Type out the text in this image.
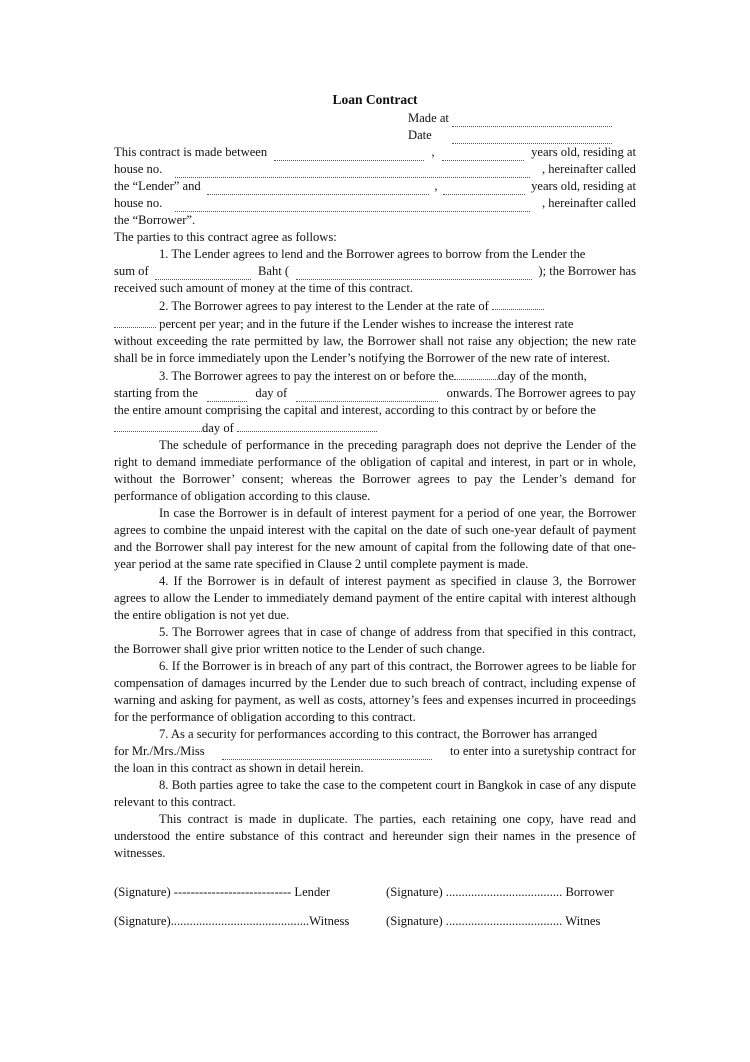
Loan Contract
Made at
Date
This contract is made between	,	years old, residing at
house no.	, hereinafter called
the “Lender” and	,	years old, residing at
house no.	, hereinafter called

the “Borrower”.

The parties to this contract agree as follows:

1. The Lender agrees to lend and the Borrower agrees to borrow from the Lender the

sum of	Baht (	); the Borrower has

received such amount of money at the time of this contract.

2. The Borrower agrees to pay interest to the Lender at the rate of

percent per year; and in the future if the Lender wishes to increase the interest rate

without exceeding the rate permitted by law, the Borrower shall not raise any objection; the new rate shall be in force immediately upon the Lender’s notifying the Borrower of the new rate of interest.

3. The Borrower agrees to pay the interest on or before the	day of the month,

starting from the	day of	onwards. The Borrower agrees to pay

the entire amount comprising the capital and interest, according to this contract by or before the

day of

The schedule of performance in the preceding paragraph does not deprive the Lender of the right to demand immediate performance of the obligation of capital and interest, in part or in whole, without the Borrower’ consent; whereas the Borrower agrees to pay the Lender’s demand for performance of obligation according to this clause.

In case the Borrower is in default of interest payment for a period of one year, the Borrower agrees to combine the unpaid interest with the capital on the date of such one-year default of payment and the Borrower shall pay interest for the new amount of capital from the following date of that one-year period at the same rate specified in Clause 2 until complete payment is made.

4. If the Borrower is in default of interest payment as specified in clause 3, the Borrower agrees to allow the Lender to immediately demand payment of the entire capital with interest although the entire obligation is not yet due.

5. The Borrower agrees that in case of change of address from that specified in this contract, the Borrower shall give prior written notice to the Lender of such change.

6. If the Borrower is in breach of any part of this contract, the Borrower agrees to be liable for compensation of damages incurred by the Lender due to such breach of contract, including expense of warning and asking for payment, as well as costs, attorney’s fees and expenses incurred in proceedings for the performance of obligation according to this contract.

7. As a security for performances according to this contract, the Borrower has arranged

for Mr./Mrs./Miss	to enter into a suretyship contract for

the loan in this contract as shown in detail herein.

8. Both parties agree to take the case to the competent court in Bangkok in case of any dispute relevant to this contract.

This contract is made in duplicate. The parties, each retaining one copy, have read and understood the entire substance of this contract and hereunder sign their names in the presence of witnesses.

(Signature) ---------------------------- Lender	(Signature) ..................................... Borrower
(Signature)............................................Witness	(Signature) ..................................... Witnes
